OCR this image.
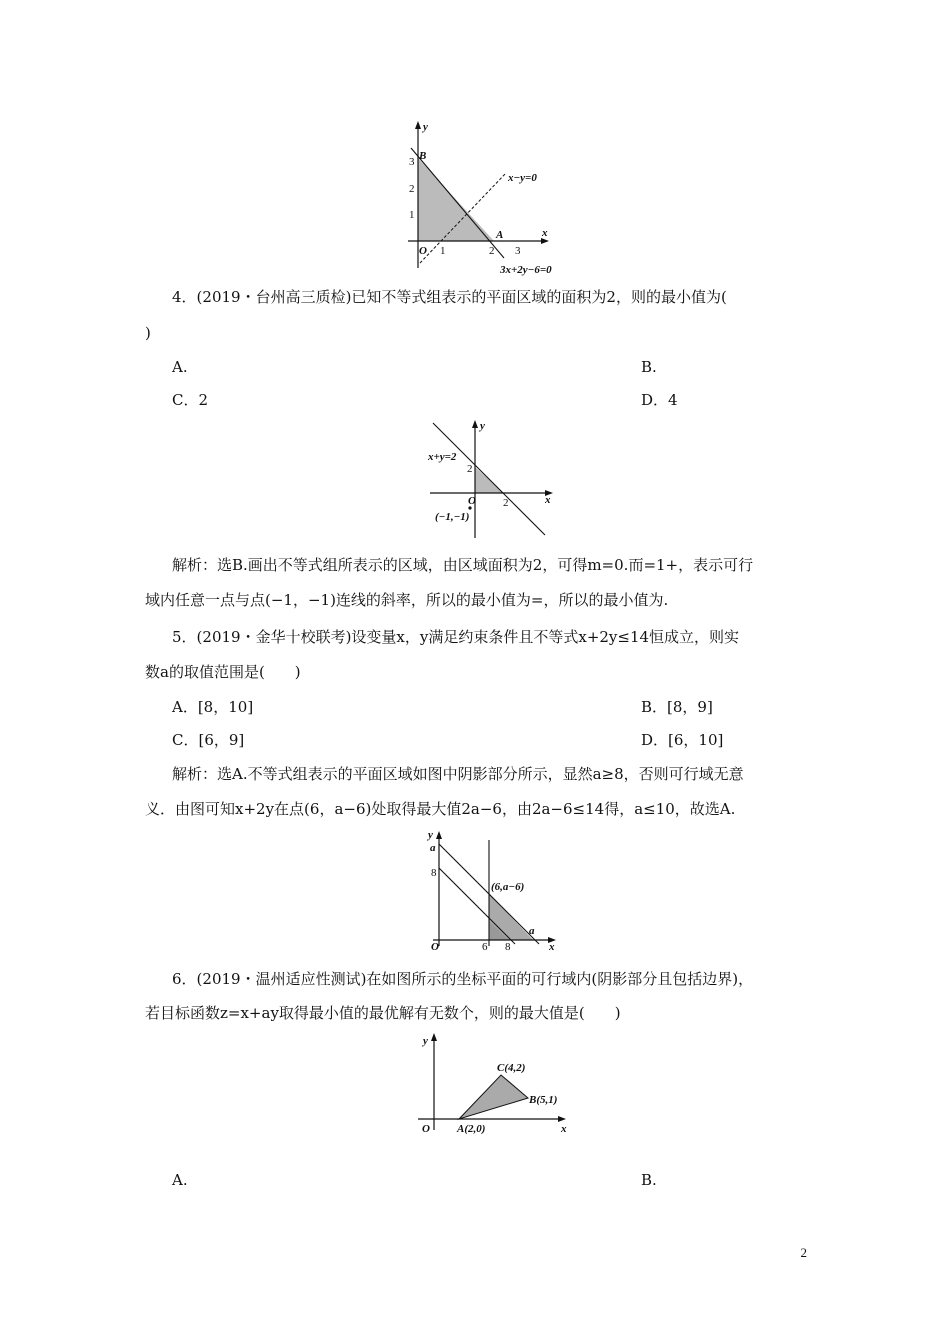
y
x
3
2
1
B
O 1	2 3
A
x−y=0
3x+2y−6=0
4．(2019・台州高三质检)已知不等式组表示的平面区域的面积为2，则的最小值为(
)
A.	B.
C．2	D．4
y
x
x+y=2
2
2
O
(−1,−1)
解析：选B.画出不等式组所表示的区域，由区域面积为2，可得m=0.而=1+，表示可行
域内任意一点与点(−1，−1)连线的斜率，所以的最小值为=，所以的最小值为.
5．(2019・金华十校联考)设变量x，y满足约束条件且不等式x+2y≤14恒成立，则实
数a的取值范围是(　　)
A．[8，10]	B．[8，9]
C．[6，9]	D．[6，10]
解析：选A.不等式组表示的平面区域如图中阴影部分所示，显然a≥8，否则可行域无意
义．由图可知x+2y在点(6，a−6)处取得最大值2a−6，由2a−6≤14得，a≤10，故选A.
y
x
a
8
O	6 8
a
(6,a−6)
6．(2019・温州适应性测试)在如图所示的坐标平面的可行域内(阴影部分且包括边界)，
若目标函数z=x+ay取得最小值的最优解有无数个，则的最大值是(　　)
y
x
O A(2,0)
B(5,1)
C(4,2)
A.	B.
2
